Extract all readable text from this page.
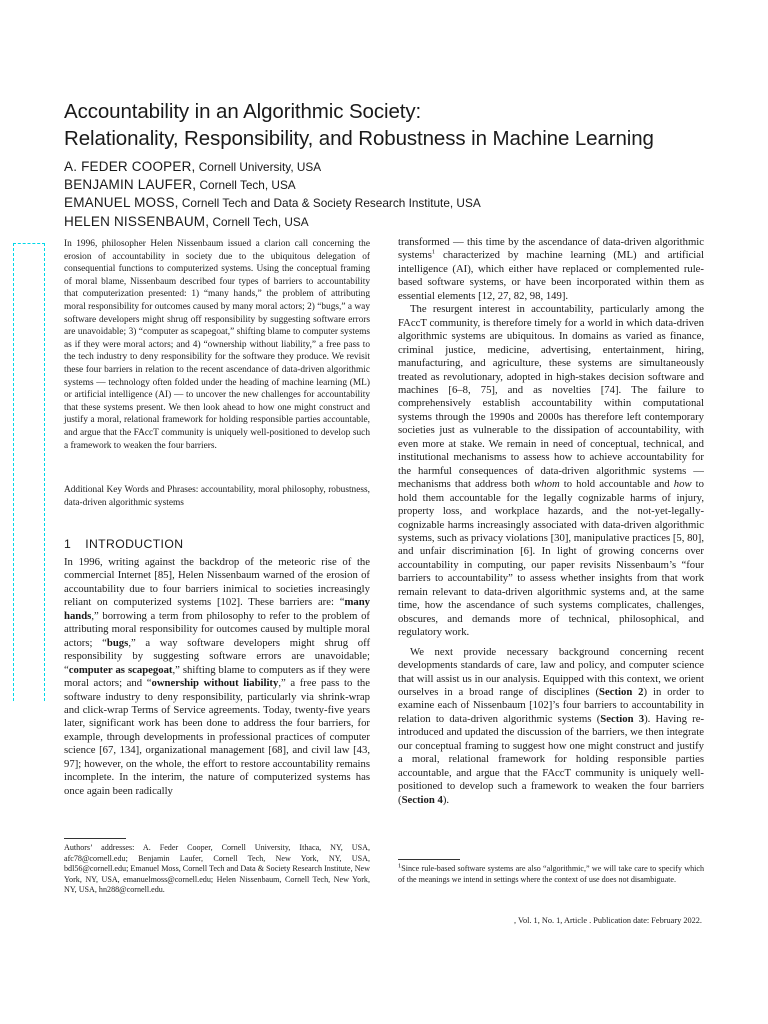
Accountability in an Algorithmic Society:
Relationality, Responsibility, and Robustness in Machine Learning
A. FEDER COOPER, Cornell University, USA
BENJAMIN LAUFER, Cornell Tech, USA
EMANUEL MOSS, Cornell Tech and Data & Society Research Institute, USA
HELEN NISSENBAUM, Cornell Tech, USA
In 1996, philosopher Helen Nissenbaum issued a clarion call concerning the erosion of accountability in society due to the ubiquitous delegation of consequential functions to computerized systems. Using the conceptual framing of moral blame, Nissenbaum described four types of barriers to accountability that computerization presented: 1) “many hands,” the problem of attributing moral responsibility for outcomes caused by many moral actors; 2) “bugs,” a way software developers might shrug off responsibility by suggesting software errors are unavoidable; 3) “computer as scapegoat,” shifting blame to computer systems as if they were moral actors; and 4) “ownership without liability,” a free pass to the tech industry to deny responsibility for the software they produce. We revisit these four barriers in relation to the recent ascendance of data-driven algorithmic systems — technology often folded under the heading of machine learning (ML) or artificial intelligence (AI) — to uncover the new challenges for accountability that these systems present. We then look ahead to how one might construct and justify a moral, relational framework for holding responsible parties accountable, and argue that the FAccT community is uniquely well-positioned to develop such a framework to weaken the four barriers.
Additional Key Words and Phrases: accountability, moral philosophy, robustness, data-driven algorithmic systems
1 INTRODUCTION

In 1996, writing against the backdrop of the meteoric rise of the commercial Internet [85], Helen Nissenbaum warned of the erosion of accountability due to four barriers inimical to societies increasingly reliant on computerized systems [102]. These barriers are: “many hands,” borrowing a term from philosophy to refer to the problem of attributing moral responsibility for outcomes caused by multiple moral actors; “bugs,” a way software developers might shrug off responsibility by suggesting software errors are unavoidable; “computer as scapegoat,” shifting blame to computers as if they were moral actors; and “ownership without liability,” a free pass to the software industry to deny responsibility, particularly via shrink-wrap and click-wrap Terms of Service agreements. Today, twenty-five years later, significant work has been done to address the four barriers, for example, through developments in professional practices of computer science [67, 134], organizational management [68], and civil law [43, 97]; however, on the whole, the effort to restore accountability remains incomplete. In the interim, the nature of computerized systems has once again been radically

transformed — this time by the ascendance of data-driven algorithmic systems$^1$ characterized by machine learning (ML) and artificial intelligence (AI), which either have replaced or complemented rule-based software systems, or have been incorporated within them as essential elements [12, 27, 82, 98, 149].

The resurgent interest in accountability, particularly among the FAccT community, is therefore timely for a world in which data-driven algorithmic systems are ubiquitous. In domains as varied as finance, criminal justice, medicine, advertising, entertainment, hiring, manufacturing, and agriculture, these systems are simultaneously treated as revolutionary, adopted in high-stakes decision software and machines [6–8, 75], and as novelties [74]. The failure to comprehensively establish accountability within computational systems through the 1990s and 2000s has therefore left contemporary societies just as vulnerable to the dissipation of accountability, with even more at stake. We remain in need of conceptual, technical, and institutional mechanisms to assess how to achieve accountability for the harmful consequences of data-driven algorithmic systems — mechanisms that address both whom to hold accountable and how to hold them accountable for the legally cognizable harms of injury, property loss, and workplace hazards, and the not-yet-legally-cognizable harms increasingly associated with data-driven algorithmic systems, such as privacy violations [30], manipulative practices [5, 80], and unfair discrimination [6]. In light of growing concerns over accountability in computing, our paper revisits Nissenbaum’s “four barriers to accountability” to assess whether insights from that work remain relevant to data-driven algorithmic systems and, at the same time, how the ascendance of such systems complicates, challenges, obscures, and demands more of technical, philosophical, and regulatory work.

We next provide necessary background concerning recent developments standards of care, law and policy, and computer science that will assist us in our analysis. Equipped with this context, we orient ourselves in a broad range of disciplines (Section 2) in order to examine each of Nissenbaum [102]’s four barriers to accountability in relation to data-driven algorithmic systems (Section 3). Having re-introduced and updated the discussion of the barriers, we then integrate our conceptual framing to suggest how one might construct and justify a moral, relational framework for holding responsible parties accountable, and argue that the FAccT community is uniquely well-positioned to develop such a framework to weaken the four barriers (Section 4).

Authors’ addresses: A. Feder Cooper, Cornell University, Ithaca, NY, USA, afc78@cornell.edu; Benjamin Laufer, Cornell Tech, New York, NY, USA, bdl56@cornell.edu; Emanuel Moss, Cornell Tech and Data & Society Research Institute, New York, NY, USA, emanuelmoss@cornell.edu; Helen Nissenbaum, Cornell Tech, New York, NY, USA, hn288@cornell.edu.
$^1$Since rule-based software systems are also “algorithmic,” we will take care to specify which of the meanings we intend in settings where the context of use does not disambiguate.
, Vol. 1, No. 1, Article . Publication date: February 2022.
